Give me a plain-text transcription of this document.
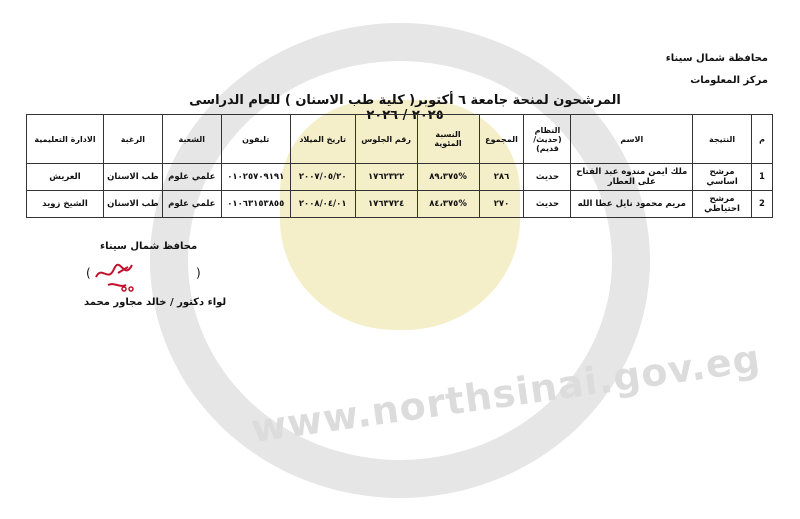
www.northsinai.gov.eg
محافظة شمال سيناء
مركز المعلومات
المرشحون لمنحة جامعة ٦ أكتوبر( كلية طب الاسنان ) للعام الدراسى ٢٠٢٥ / ٢٠٢٦
م	النتيجة	الاسم	النظام (حديث/قديم)	المجموع	النسبة المئوية	رقم الجلوس	تاريخ الميلاد	تليفون	الشعبة	الرغبة	الادارة التعليمية
1	مرشح اساسي	ملك ايمن مندوه عبد الفتاح على العطار	حديث	٢٨٦	%٨٩،٣٧٥	١٧٦٢٣٢٢	٢٠٠٧/٠٥/٢٠	٠١٠٢٥٧٠٩١٩١	علمي علوم	طب الاسنان	العريش
2	مرشح احتياطي	مريم محمود نايل عطا الله	حديث	٢٧٠	%٨٤،٣٧٥	١٧٦٣٧٢٤	٢٠٠٨/٠٤/٠١	٠١٠٦٣١٥٣٨٥٥	علمي علوم	طب الاسنان	الشيخ زويد
محافظ شمال سيناء
(
)
لواء دكتور / خالد مجاور محمد
